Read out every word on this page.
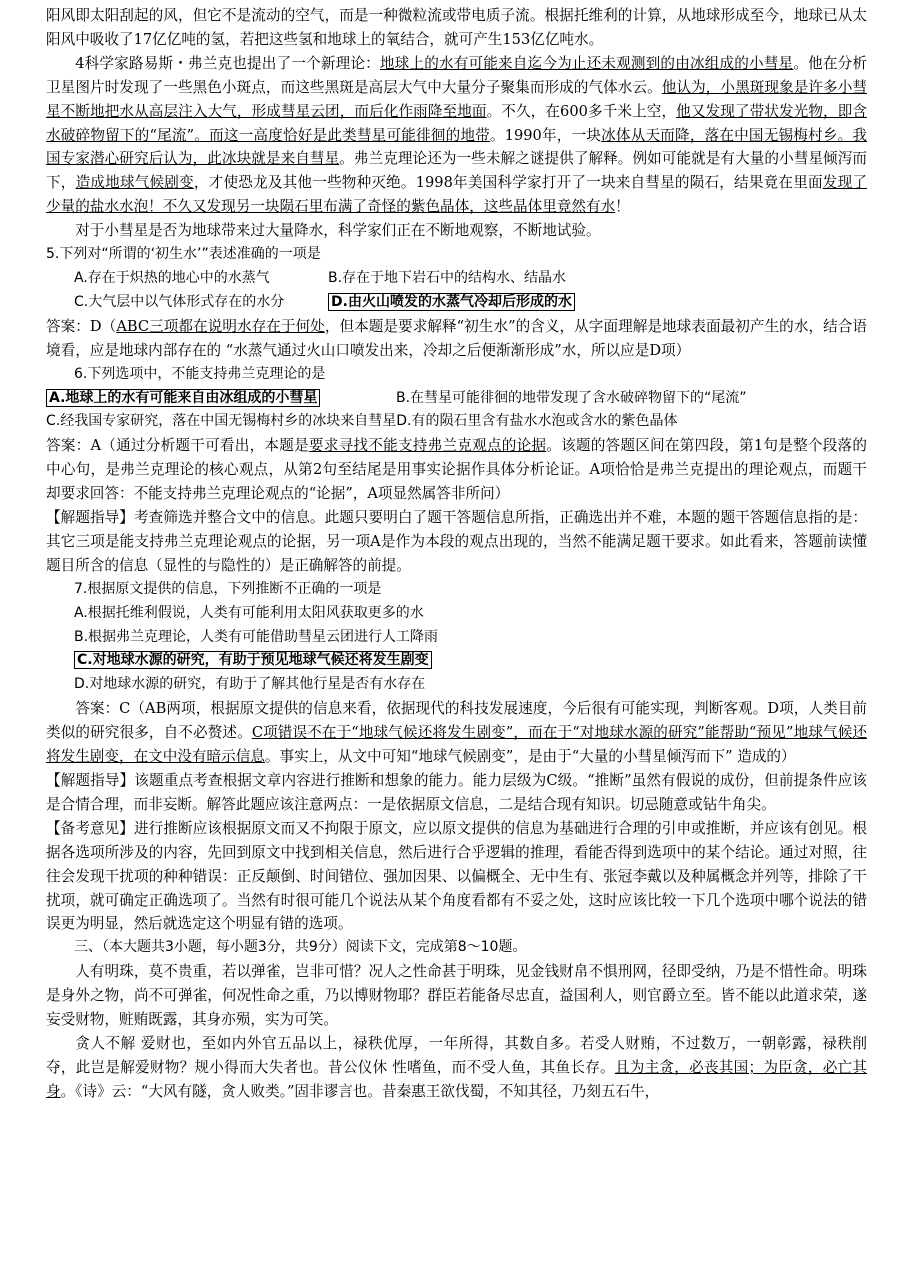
阳风即太阳刮起的风，但它不是流动的空气，而是一种微粒流或带电质子流。根据托维利的计算，从地球形成至今，地球已从太阳风中吸收了17亿亿吨的氢，若把这些氢和地球上的氧结合，就可产生153亿亿吨水。

4科学家路易斯・弗兰克也提出了一个新理论：地球上的水有可能来自迄今为止还未观测到的由冰组成的小彗星。他在分析卫星图片时发现了一些黑色小斑点，而这些黑斑是高层大气中大量分子聚集而形成的气体水云。他认为，小黑斑现象是许多小彗星不断地把水从高层注入大气，形成彗星云团，而后化作雨降至地面。不久，在600多千米上空，他又发现了带状发光物，即含水破碎物留下的“尾流”。而这一高度恰好是此类彗星可能徘徊的地带。1990年，一块冰体从天而降，落在中国无锡梅村乡。我国专家潜心研究后认为，此冰块就是来自彗星。弗兰克理论还为一些未解之谜提供了解释。例如可能就是有大量的小彗星倾泻而下，造成地球气候剧变，才使恐龙及其他一些物种灭绝。1998年美国科学家打开了一块来自彗星的陨石，结果竟在里面发现了少量的盐水水泡！不久又发现另一块陨石里布满了奇怪的紫色晶体，这些晶体里竟然有水！

对于小彗星是否为地球带来过大量降水，科学家们正在不断地观察，不断地试验。

5.下列对“所谓的‘初生水’”表述准确的一项是

A.存在于炽热的地心中的水蒸气	B.存在于地下岩石中的结构水、结晶水
C.大气层中以气体形式存在的水分	D.由火山喷发的水蒸气冷却后形成的水

答案：D（ABC三项都在说明水存在于何处，但本题是要求解释“初生水”的含义，从字面理解是地球表面最初产生的水，结合语境看，应是地球内部存在的 “水蒸气通过火山口喷发出来，冷却之后便渐渐形成”水，所以应是D项）

6.下列选项中，不能支持弗兰克理论的是

A.地球上的水有可能来自由冰组成的小彗星	B.在彗星可能徘徊的地带发现了含水破碎物留下的“尾流”
C.经我国专家研究，落在中国无锡梅村乡的冰块来自彗星 D.有的陨石里含有盐水水泡或含水的紫色晶体

答案：A（通过分析题干可看出，本题是要求寻找不能支持弗兰克观点的论据。该题的答题区间在第四段，第1句是整个段落的中心句，是弗兰克理论的核心观点，从第2句至结尾是用事实论据作具体分析论证。A项恰恰是弗兰克提出的理论观点，而题干却要求回答：不能支持弗兰克理论观点的“论据”，A项显然属答非所问）

【解题指导】考查筛选并整合文中的信息。此题只要明白了题干答题信息所指，正确选出并不难，本题的题干答题信息指的是：其它三项是能支持弗兰克理论观点的论据，另一项A是作为本段的观点出现的，当然不能满足题干要求。如此看来，答题前读懂题目所含的信息（显性的与隐性的）是正确解答的前提。

7.根据原文提供的信息，下列推断不正确的一项是

A.根据托维利假说，人类有可能利用太阳风获取更多的水

B.根据弗兰克理论，人类有可能借助彗星云团进行人工降雨

C.对地球水源的研究，有助于预见地球气候还将发生剧变

D.对地球水源的研究，有助于了解其他行星是否有水存在

答案：C（AB两项，根据原文提供的信息来看，依据现代的科技发展速度，今后很有可能实现，判断客观。D项，人类目前类似的研究很多，自不必赘述。C项错误不在于“地球气候还将发生剧变”，而在于“对地球水源的研究”能帮助“预见”地球气候还将发生剧变，在文中没有暗示信息。事实上，从文中可知“地球气候剧变”，是由于“大量的小彗星倾泻而下” 造成的）

【解题指导】该题重点考查根据文章内容进行推断和想象的能力。能力层级为C级。“推断”虽然有假说的成份，但前提条件应该是合情合理，而非妄断。解答此题应该注意两点：一是依据原文信息，二是结合现有知识。切忌随意或钻牛角尖。

【备考意见】进行推断应该根据原文而又不拘限于原文，应以原文提供的信息为基础进行合理的引申或推断，并应该有创见。根据各选项所涉及的内容，先回到原文中找到相关信息，然后进行合乎逻辑的推理，看能否得到选项中的某个结论。通过对照，往往会发现干扰项的种种错误：正反颠倒、时间错位、强加因果、以偏概全、无中生有、张冠李戴以及种属概念并列等，排除了干扰项，就可确定正确选项了。当然有时很可能几个说法从某个角度看都有不妥之处，这时应该比较一下几个选项中哪个说法的错误更为明显，然后就选定这个明显有错的选项。

三、（本大题共3小题，每小题3分，共9分）阅读下文，完成第8～10题。

人有明珠，莫不贵重，若以弹雀，岂非可惜？况人之性命甚于明珠，见金钱财帛不惧刑网，径即受纳，乃是不惜性命。明珠是身外之物，尚不可弹雀，何况性命之重，乃以博财物耶？群臣若能备尽忠直，益国利人，则官爵立至。皆不能以此道求荣，遂妄受财物，赃贿既露，其身亦殒，实为可笑。

贪人不解 爱财也，至如内外官五品以上，禄秩优厚，一年所得，其数自多。若受人财贿，不过数万，一朝彰露，禄秩削夺，此岂是解爱财物？规小得而大失者也。昔公仪休 性嗜鱼，而不受人鱼，其鱼长存。且为主贪，必丧其国；为臣贪，必亡其身。《诗》云：“大风有隧，贪人败类。”固非谬言也。昔秦惠王欲伐蜀，不知其径，乃刻五石牛，
